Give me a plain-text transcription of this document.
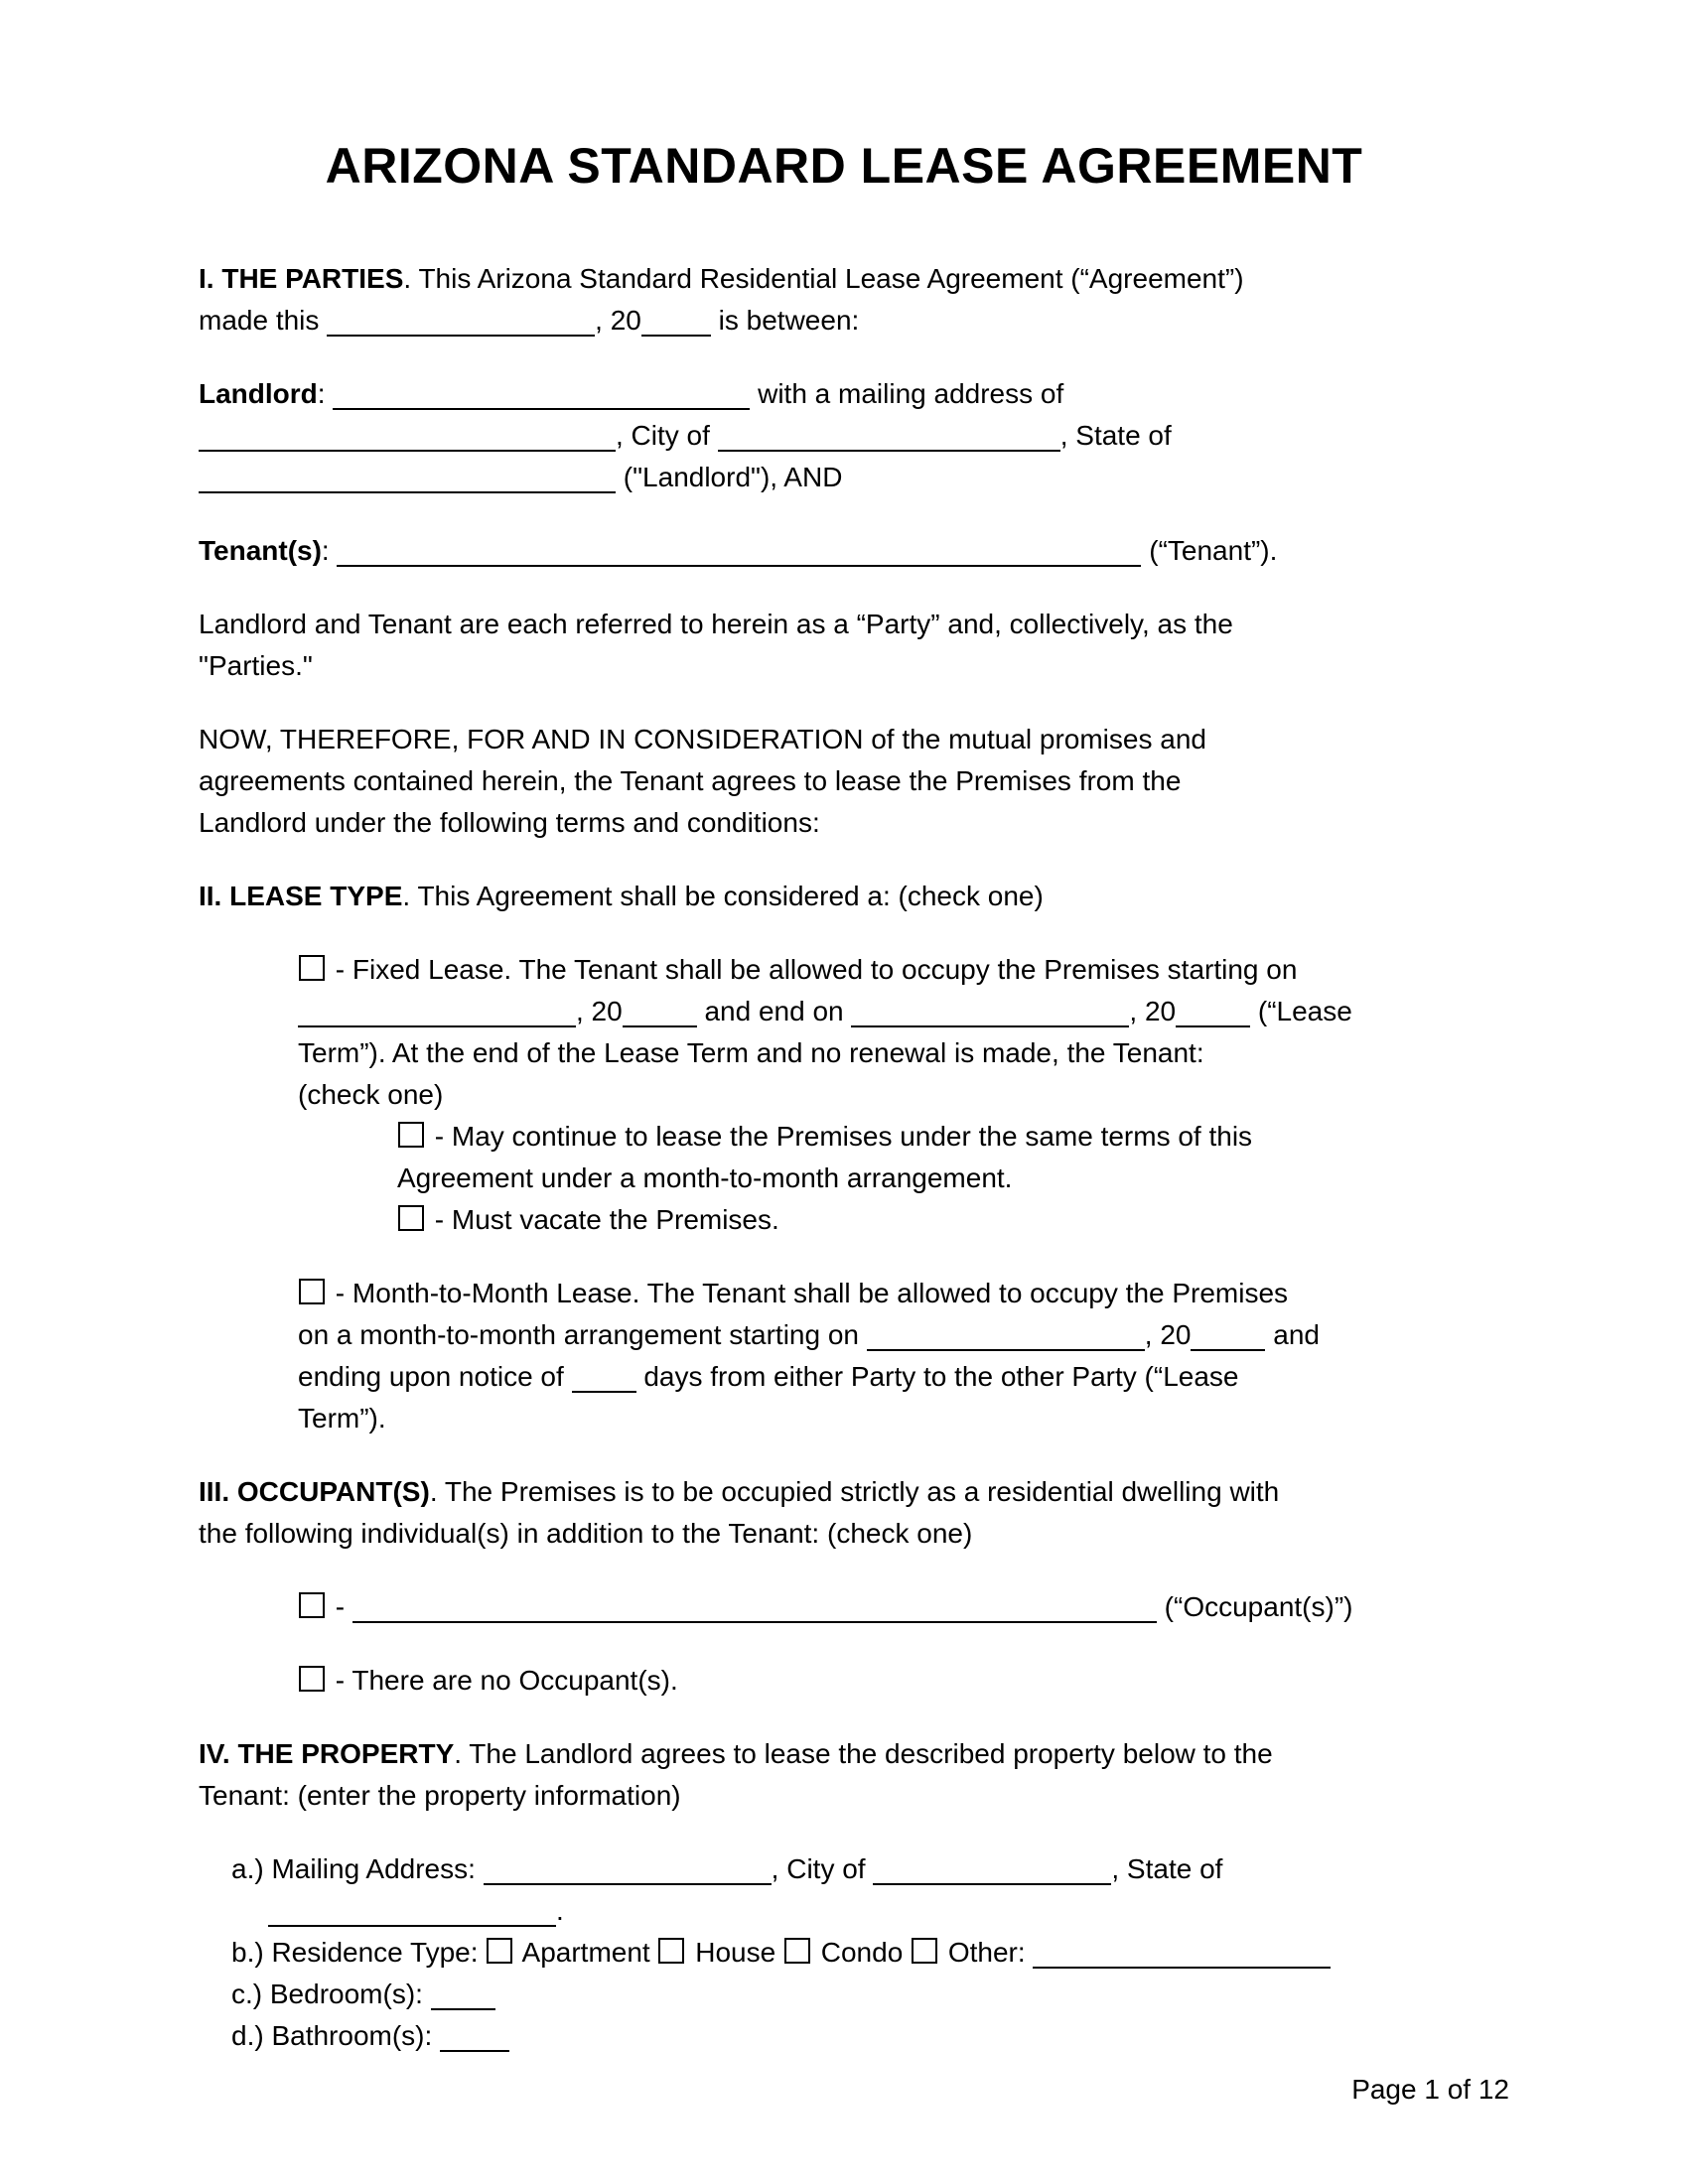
ARIZONA STANDARD LEASE AGREEMENT

I. THE PARTIES. This Arizona Standard Residential Lease Agreement (“Agreement”)
made this	, 20	is between:

Landlord:	with a mailing address of
, City of	, State of
("Landlord"), AND

Tenant(s):	(“Tenant”).

Landlord and Tenant are each referred to herein as a “Party” and, collectively, as the
"Parties."

NOW, THEREFORE, FOR AND IN CONSIDERATION of the mutual promises and
agreements contained herein, the Tenant agrees to lease the Premises from the
Landlord under the following terms and conditions:

II. LEASE TYPE. This Agreement shall be considered a: (check one)

- Fixed Lease. The Tenant shall be allowed to occupy the Premises starting on
, 20	and end on	, 20	(“Lease
Term”). At the end of the Lease Term and no renewal is made, the Tenant:
(check one)

- May continue to lease the Premises under the same terms of this
Agreement under a month-to-month arrangement.

- Must vacate the Premises.

- Month-to-Month Lease. The Tenant shall be allowed to occupy the Premises
on a month-to-month arrangement starting on	, 20	and
ending upon notice of  days from either Party to the other Party (“Lease
Term”).

III. OCCUPANT(S). The Premises is to be occupied strictly as a residential dwelling with
the following individual(s) in addition to the Tenant: (check one)

-	(“Occupant(s)”)

- There are no Occupant(s).

IV. THE PROPERTY. The Landlord agrees to lease the described property below to the
Tenant: (enter the property information)

a.) Mailing Address:	, City of	, State of
.

b.) Residence Type:  Apartment  House  Condo  Other:

c.) Bedroom(s):

d.) Bathroom(s):

Page 1 of 12
